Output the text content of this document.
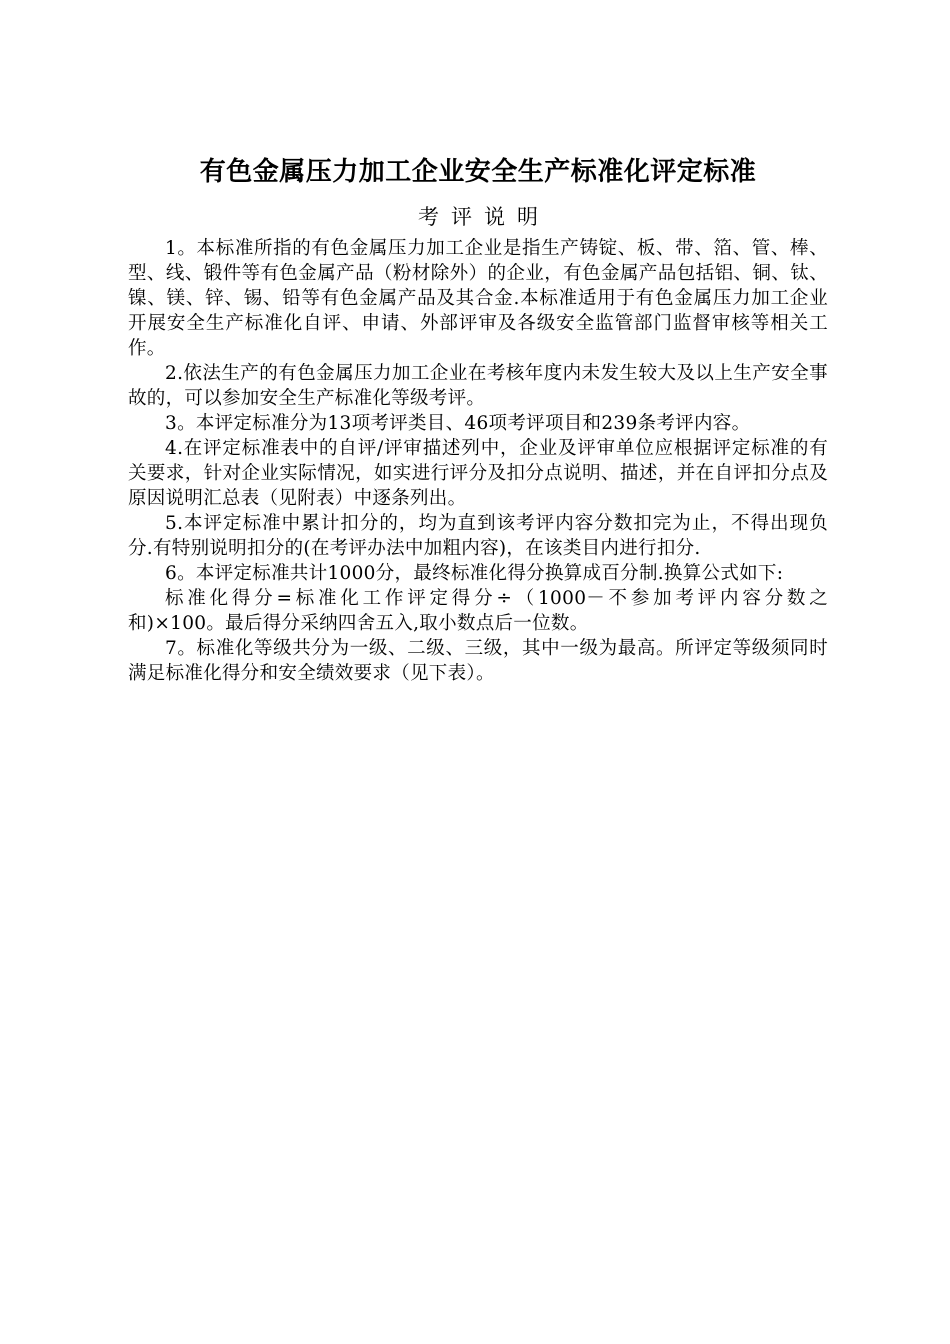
有色金属压力加工企业安全生产标准化评定标准
考评说明

1。本标准所指的有色金属压力加工企业是指生产铸锭、板、带、箔、管、棒、型、线、锻件等有色金属产品（粉材除外）的企业，有色金属产品包括铝、铜、钛、镍、镁、锌、锡、铅等有色金属产品及其合金.本标准适用于有色金属压力加工企业开展安全生产标准化自评、申请、外部评审及各级安全监管部门监督审核等相关工作。

2.依法生产的有色金属压力加工企业在考核年度内未发生较大及以上生产安全事故的，可以参加安全生产标准化等级考评。

3。本评定标准分为13项考评类目、46项考评项目和239条考评内容。

4.在评定标准表中的自评/评审描述列中，企业及评审单位应根据评定标准的有关要求，针对企业实际情况，如实进行评分及扣分点说明、描述，并在自评扣分点及原因说明汇总表（见附表）中逐条列出。

5.本评定标准中累计扣分的，均为直到该考评内容分数扣完为止，不得出现负分.有特别说明扣分的(在考评办法中加粗内容)，在该类目内进行扣分.

6。本评定标准共计1000分，最终标准化得分换算成百分制.换算公式如下:

标准化得分=标准化工作评定得分÷（1000－不参加考评内容分数之和)×100。最后得分采纳四舍五入,取小数点后一位数。

7。标准化等级共分为一级、二级、三级，其中一级为最高。所评定等级须同时满足标准化得分和安全绩效要求（见下表）。
